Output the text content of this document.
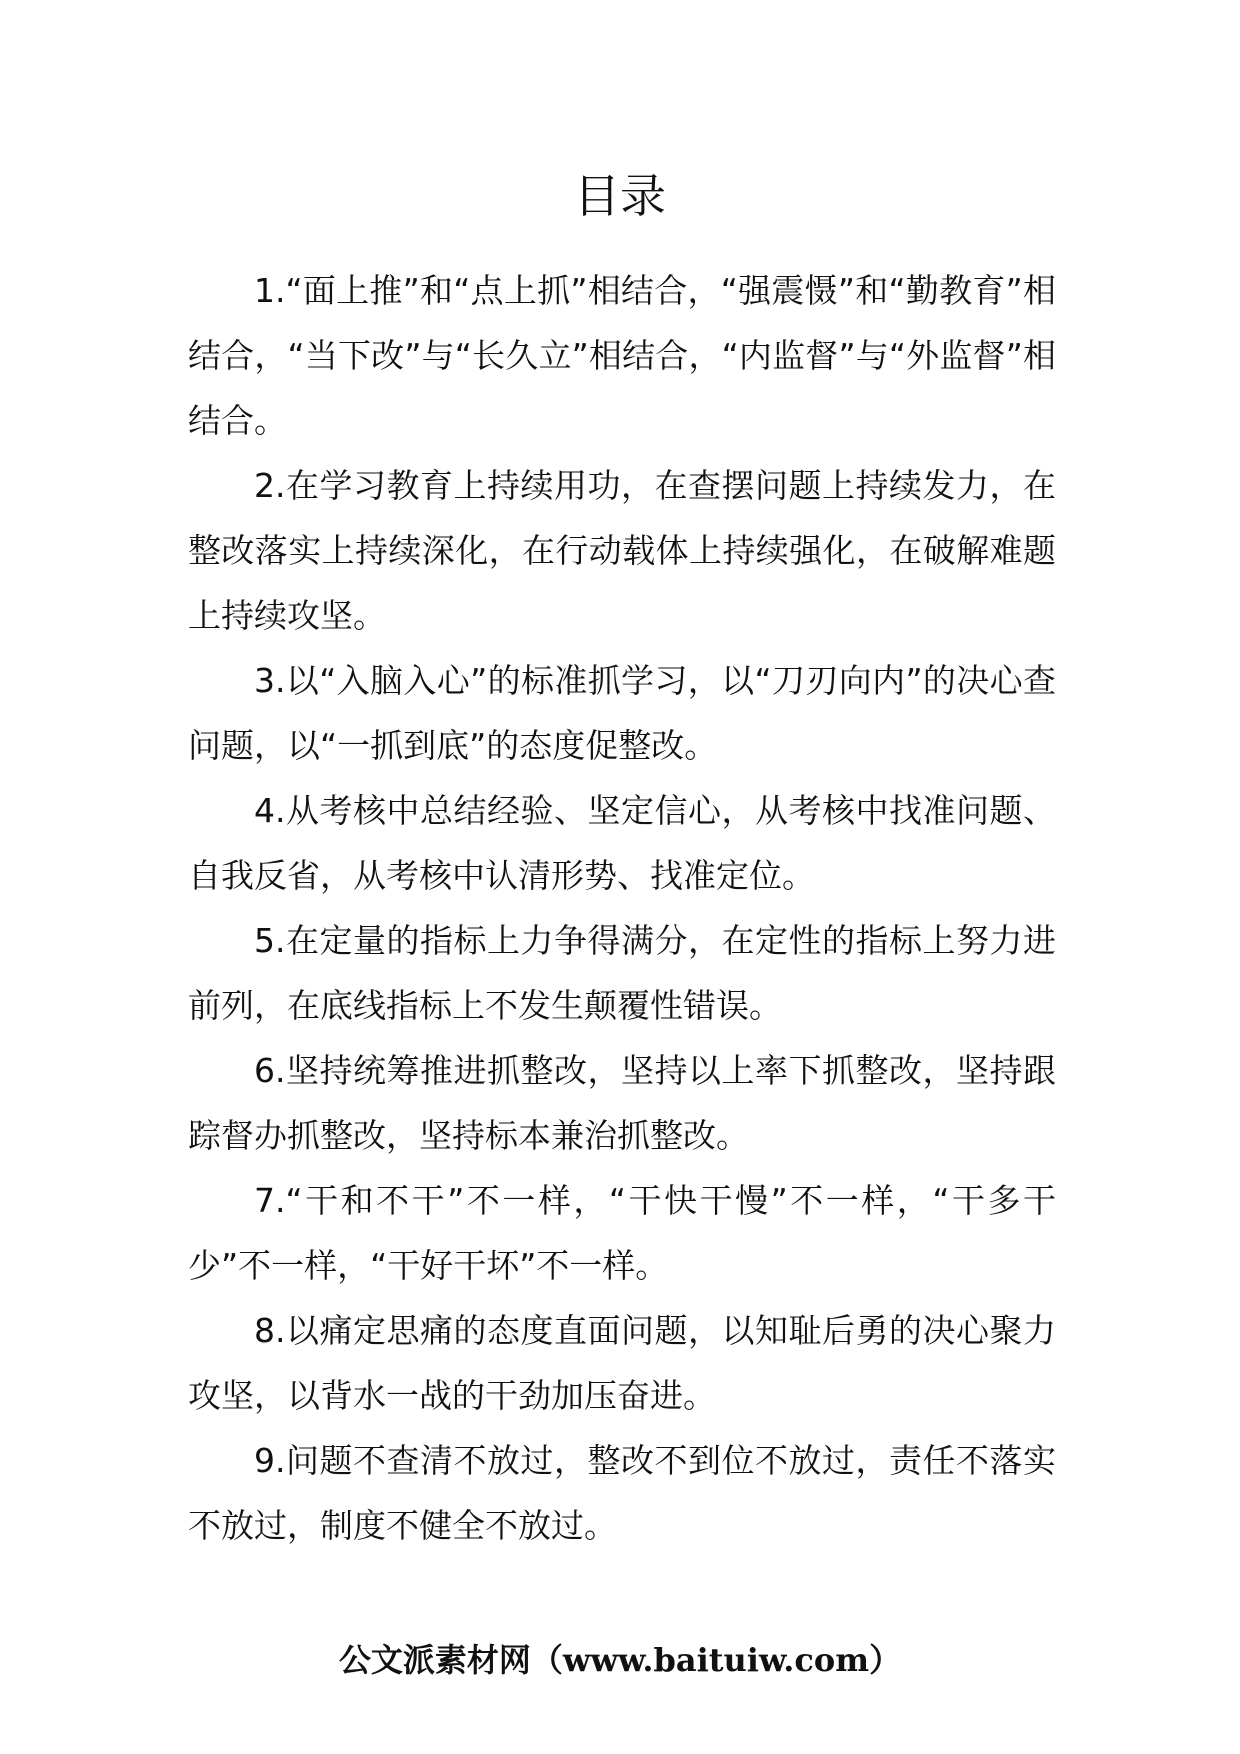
目录

1.“面上推”和“点上抓”相结合，“强震慑”和“勤教育”相结合，“当下改”与“长久立”相结合，“内监督”与“外监督”相结合。

2.在学习教育上持续用功，在查摆问题上持续发力，在整改落实上持续深化，在行动载体上持续强化，在破解难题上持续攻坚。

3.以“入脑入心”的标准抓学习，以“刀刃向内”的决心查问题，以“一抓到底”的态度促整改。

4.从考核中总结经验、坚定信心，从考核中找准问题、自我反省，从考核中认清形势、找准定位。

5.在定量的指标上力争得满分，在定性的指标上努力进前列，在底线指标上不发生颠覆性错误。

6.坚持统筹推进抓整改，坚持以上率下抓整改，坚持跟踪督办抓整改，坚持标本兼治抓整改。

7.“干和不干”不一样，“干快干慢”不一样，“干多干少”不一样，“干好干坏”不一样。

8.以痛定思痛的态度直面问题，以知耻后勇的决心聚力攻坚，以背水一战的干劲加压奋进。

9.问题不查清不放过，整改不到位不放过，责任不落实不放过，制度不健全不放过。

公文派素材网（www.baituiw.com）
